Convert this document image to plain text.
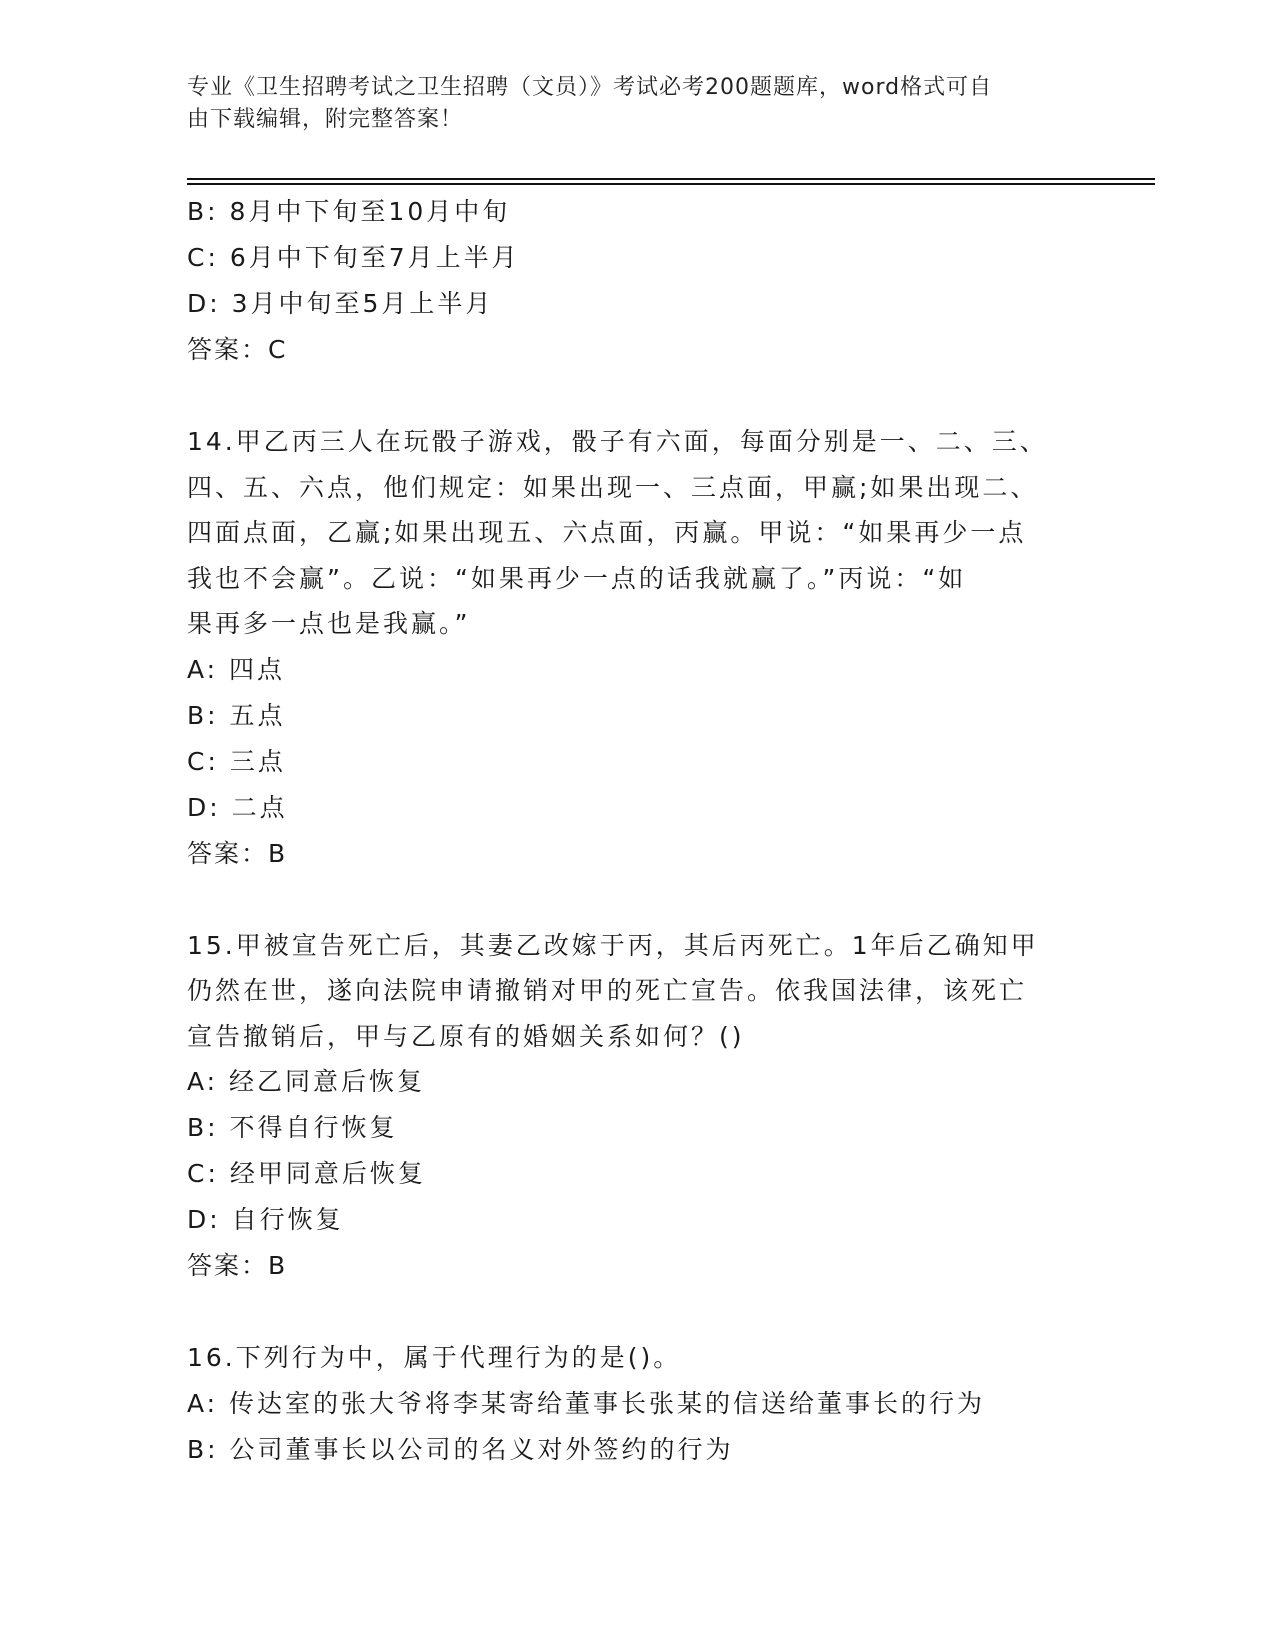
专业《卫生招聘考试之卫生招聘（文员）》考试必考200题题库，word格式可自
由下载编辑，附完整答案！
B: 8月中下旬至10月中旬
C: 6月中下旬至7月上半月
D: 3月中旬至5月上半月
答案：C
14.甲乙丙三人在玩骰子游戏，骰子有六面，每面分别是一、二、三、
四、五、六点，他们规定：如果出现一、三点面，甲赢;如果出现二、
四面点面，乙赢;如果出现五、六点面，丙赢。甲说：“如果再少一点
我也不会赢”。乙说：“如果再少一点的话我就赢了。”丙说：“如
果再多一点也是我赢。”
A: 四点
B: 五点
C: 三点
D: 二点
答案：B
15.甲被宣告死亡后，其妻乙改嫁于丙，其后丙死亡。1年后乙确知甲
仍然在世，遂向法院申请撤销对甲的死亡宣告。依我国法律，该死亡
宣告撤销后，甲与乙原有的婚姻关系如何？()
A: 经乙同意后恢复
B: 不得自行恢复
C: 经甲同意后恢复
D: 自行恢复
答案：B
16.下列行为中，属于代理行为的是()。
A: 传达室的张大爷将李某寄给董事长张某的信送给董事长的行为
B: 公司董事长以公司的名义对外签约的行为
